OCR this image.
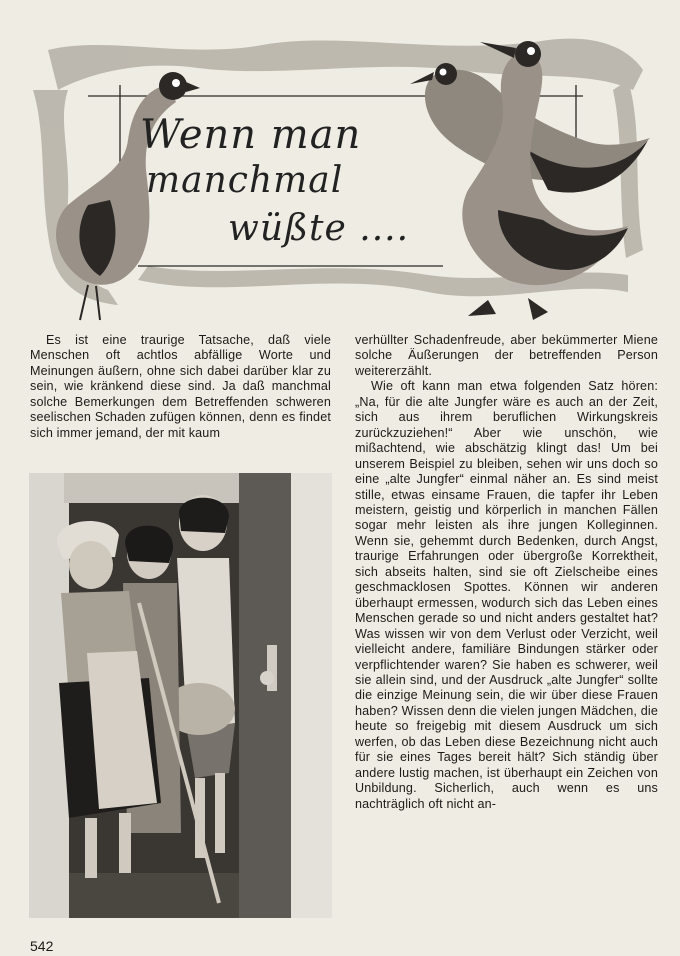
Wenn man
manchmal
wüßte ....

Es ist eine traurige Tatsache, daß viele Menschen oft achtlos abfällige Worte und Meinungen äußern, ohne sich dabei darüber klar zu sein, wie kränkend diese sind. Ja daß manchmal solche Bemerkungen dem Betreffenden schweren seelischen Schaden zufügen können, denn es findet sich immer jemand, der mit kaum

verhüllter Schadenfreude, aber bekümmerter Miene solche Äußerungen der betreffenden Person weitererzählt.

Wie oft kann man etwa folgenden Satz hören: „Na, für die alte Jungfer wäre es auch an der Zeit, sich aus ihrem beruflichen Wirkungskreis zurückzuziehen!“ Aber wie unschön, wie mißachtend, wie abschätzig klingt das! Um bei unserem Beispiel zu bleiben, sehen wir uns doch so eine „alte Jungfer“ einmal näher an. Es sind meist stille, etwas einsame Frauen, die tapfer ihr Leben meistern, geistig und körperlich in manchen Fällen sogar mehr leisten als ihre jungen Kolleginnen. Wenn sie, gehemmt durch Bedenken, durch Angst, traurige Erfahrungen oder übergroße Korrektheit, sich abseits halten, sind sie oft Zielscheibe eines geschmacklosen Spottes. Können wir anderen überhaupt ermessen, wodurch sich das Leben eines Menschen gerade so und nicht anders gestaltet hat? Was wissen wir von dem Verlust oder Verzicht, weil vielleicht andere, familiäre Bindungen stärker oder verpflichtender waren? Sie haben es schwerer, weil sie allein sind, und der Ausdruck „alte Jungfer“ sollte die einzige Meinung sein, die wir über diese Frauen haben? Wissen denn die vielen jungen Mädchen, die heute so freigebig mit diesem Ausdruck um sich werfen, ob das Leben diese Bezeichnung nicht auch für sie eines Tages bereit hält? Sich ständig über andere lustig machen, ist überhaupt ein Zeichen von Unbildung. Sicherlich, auch wenn es uns nachträglich oft nicht an-

542
